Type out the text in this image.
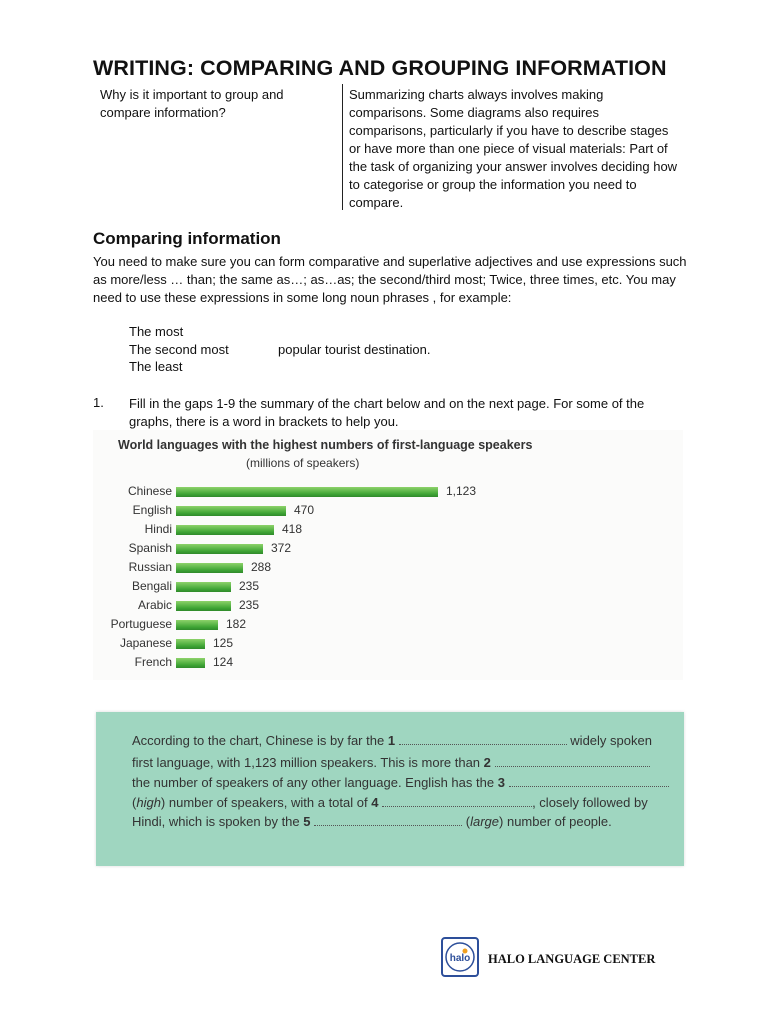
WRITING: COMPARING AND GROUPING INFORMATION
Why is it important to group and compare information?
Summarizing charts always involves making comparisons. Some diagrams also requires comparisons, particularly if you have to describe stages or have more than one piece of visual materials: Part of the task of organizing your answer involves deciding how to categorise or group the information you need to compare.
Comparing information
You need to make sure you can form comparative and superlative adjectives and use expressions such as more/less … than; the same as…; as…as; the second/third most; Twice, three times, etc. You may need to use these expressions in some long noun phrases , for example:
The most
The second most	popular tourist destination.
The least
1. Fill in the gaps 1-9 the summary of the chart below and on the next page. For some of the graphs, there is a word in brackets to help you.
World languages with the highest numbers of first-language speakers
(millions of speakers)
Chinese	1,123
English	470
Hindi	418
Spanish	372
Russian	288
Bengali	235
Arabic	235
Portuguese	182
Japanese	125
French	124
According to the chart, Chinese is by far the 1	widely spoken
first language, with 1,123 million speakers. This is more than 2
the number of speakers of any other language. English has the 3
(high) number of speakers, with a total of 4	, closely followed by
Hindi, which is spoken by the 5	(large) number of people.
halo HALO LANGUAGE CENTER
